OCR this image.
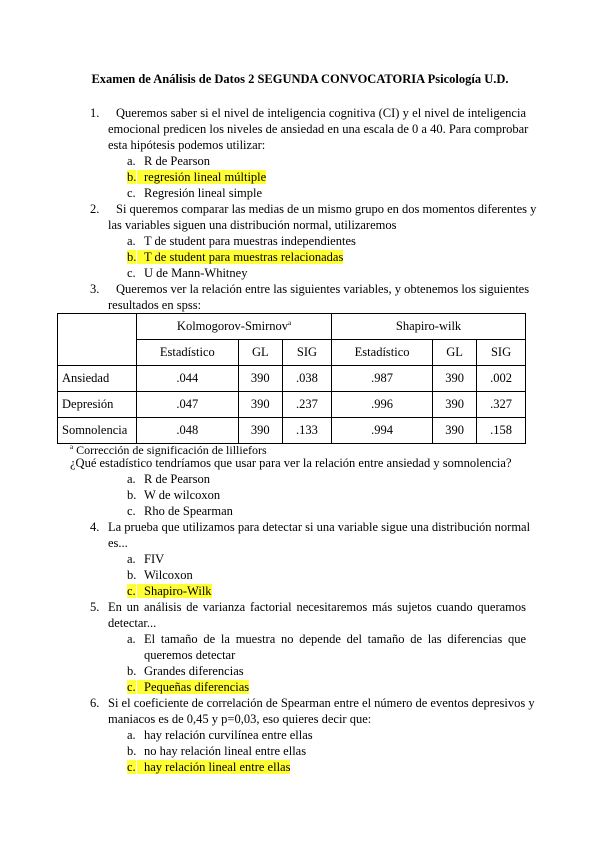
Examen de Análisis de Datos 2 SEGUNDA CONVOCATORIA Psicología U.D.
1. Queremos saber si el nivel de inteligencia cognitiva (CI) y el nivel de inteligencia
emocional predicen los niveles de ansiedad en una escala de 0 a 40. Para comprobar
esta hipótesis podemos utilizar:
a. R de Pearson
b. regresión lineal múltiple
c. Regresión lineal simple
2. Si queremos comparar las medias de un mismo grupo en dos momentos diferentes y
las variables siguen una distribución normal, utilizaremos
a. T de student para muestras independientes
b. T de student para muestras relacionadas
c. U de Mann-Whitney
3. Queremos ver la relación entre las siguientes variables, y obtenemos los siguientes
resultados en spss:
	Kolmogorov-Smirnov$^a$			Shapiro-wilk		
	Estadístico	GL	SIG	Estadístico	GL	SIG
Ansiedad	.044	390	.038	.987	390	.002
Depresión	.047	390	.237	.996	390	.327
Somnolencia	.048	390	.133	.994	390	.158
$^a$ Corrección de significación de lilliefors
¿Qué estadístico tendríamos que usar para ver la relación entre ansiedad y somnolencia?
a. R de Pearson
b. W de wilcoxon
c. Rho de Spearman
4. La prueba que utilizamos para detectar si una variable sigue una distribución normal
es...
a. FIV
b. Wilcoxon
c. Shapiro-Wilk
5. En un análisis de varianza factorial necesitaremos más sujetos cuando queramos
detectar...
a. El tamaño de la muestra no depende del tamaño de las diferencias que
queremos detectar
b. Grandes diferencias
c. Pequeñas diferencias
6. Si el coeficiente de correlación de Spearman entre el número de eventos depresivos y
maniacos es de 0,45 y p=0,03, eso quieres decir que:
a. hay relación curvilínea entre ellas
b. no hay relación lineal entre ellas
c. hay relación lineal entre ellas
